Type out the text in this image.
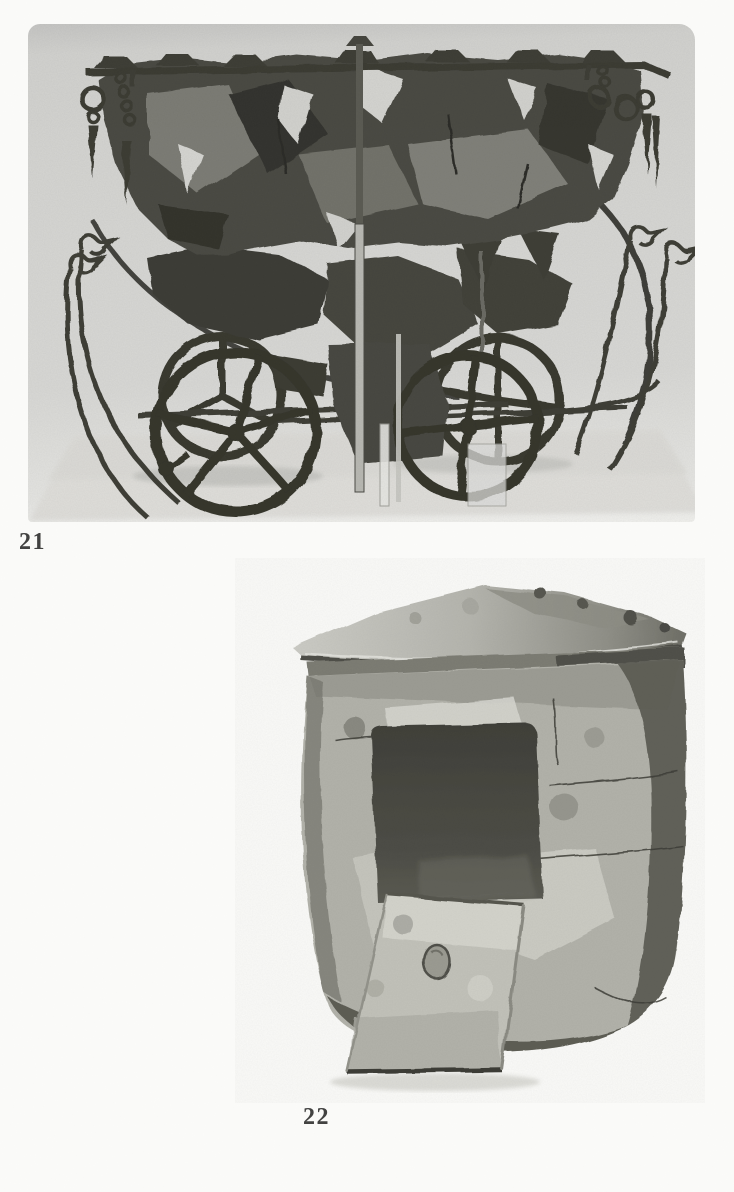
21
22
